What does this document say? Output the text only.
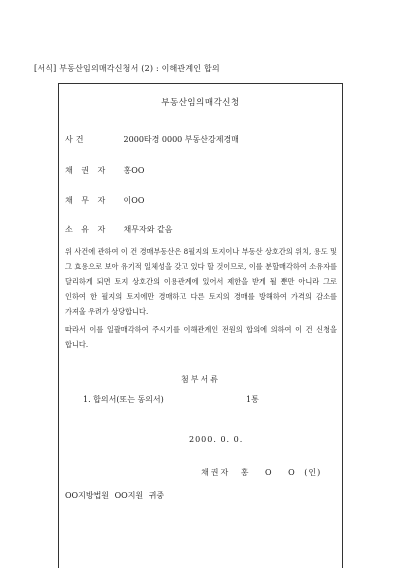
[서식] 부동산임의매각신청서 (2) : 이해관계인 합의
부동산임의매각신청
사건	2000타경 0000 부동산강제경매
채 권 자 홍OO
채 무 자 이OO
소 유 자 채무자와 같음
위 사건에 관하여 이 건 경매부동산은 8필지의 토지이나 부동산 상호간의 위치, 용도 및 그 효용으로 보아 유기적 일체성을 갖고 있다 할 것이므로, 이를 분할매각하여 소유자를 달리하게 되면 토지 상호간의 이용관계에 있어서 제한을 받게 될 뿐만 아니라 그로 인하여 한 필지의 토지에만 경매하고 다른 토지의 경매를 방해하여 가격의 감소를 가져올 우려가 상당합니다.
따라서 이를 일괄매각하여 주시기를 이해관계인 전원의 합의에 의하여 이 건 신청을 합니다.
첨부서류
1. 합의서(또는 동의서)	1통
2000. 0. 0.
채권자 홍 O O (인)
OO지방법원 OO지원 귀중
